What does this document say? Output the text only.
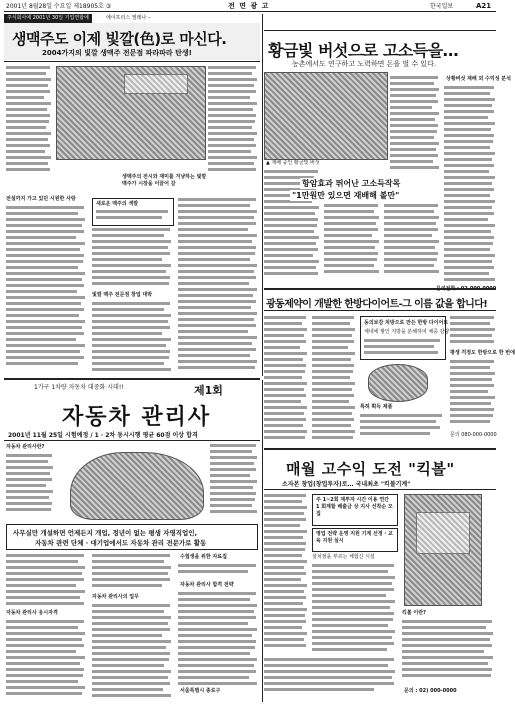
2001년 8월28일 수요일 제18905호 ③	전 면 광 고	한국일보	A21
주식회사에 2001년 30일 기업연합에	에이프리스 엘레나 –
생맥주도 이제 빛깔(色)로 마신다.
2004가지의 빛깔 생맥주 전문점 파라파라 탄생!
생맥주의 전시와 재미를 겨냥하는 빛깔 맥주가 시장을 이끌어 갈
전설까지 가고 있던 시원한 사랑
새로운 맥주의 색깔
빛깔 맥주 전문점 창업 대박
황금빛 버섯으로 고소득을…
농촌에서도 연구하고 노력하면 돈을 벌 수 있다.
▲ 재배 중인 황금빛 버섯
상황버섯 재배 외 수익성 분석
항암효과 뛰어난 고소득작목
"1만원만 있으면 재배해 볼만"
광동제약이 개발한 한방다이어트-그 이름 값을 합니다!
동의보감 처방으로 만든 한방 다이어트
체내에 쌓인 지방을 분해하여 체중 감량
특허 획득 제품
평생 걱정도 한방으로 한 번에
문의 080-000-0000
1가구 1차량 자동차 대중화 시대!!	제1회
자동차 관리사
2001년 11월 25일 시험예정 / 1 · 2차 동시시행 평균 60점 이상 합격
자동차 관리사란?
사무실만 개설하면 언제든지 개업, 정년이 없는 평생 자영직업인,
자동차 관련 단체 · 대기업에서도 자동차 관리 전문가로 활동
자동차 관리사 응시자격
자동차 관리사의 업무
수험생을 위한 자료집
자동차 관리사 합격 전략
서울특별시 종로구
매월 고수익 도전 "킥볼"
소자본 창업(창업투자)로… 국내최초 "킥볼기계"
주 1~2회 재투자 시간 이용 연간 1 회계할 배출금 상 지사 선착순 모집
영업 전략 운영 지원 기계 선정 · 교육 지원 실시
설치점을 부르는 체험신 시설
킥볼 이란?
문의 : 02) 000-0000
